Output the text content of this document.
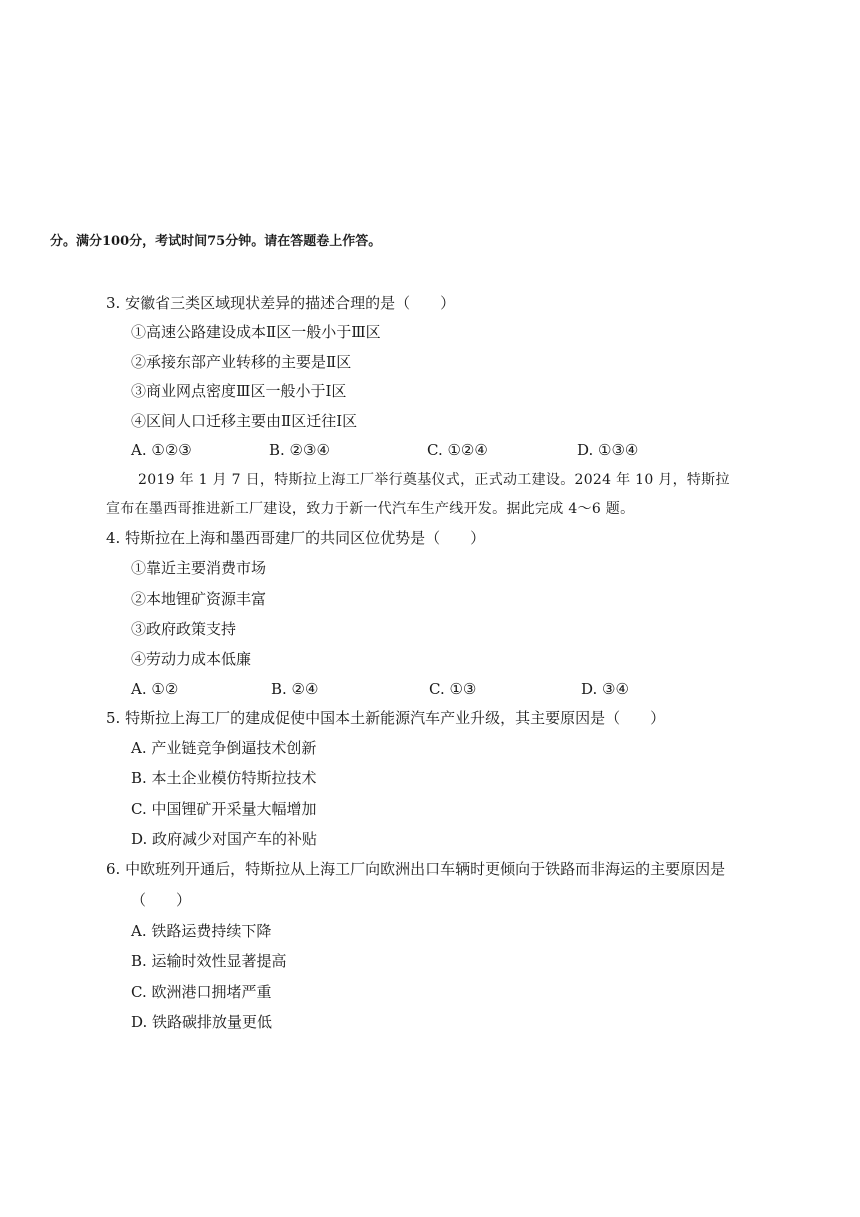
分。满分100分，考试时间75分钟。请在答题卷上作答。
3. 安徽省三类区域现状差异的描述合理的是（　　）
①高速公路建设成本Ⅱ区一般小于Ⅲ区
②承接东部产业转移的主要是Ⅱ区
③商业网点密度Ⅲ区一般小于Ⅰ区
④区间人口迁移主要由Ⅱ区迁往Ⅰ区
A. ①②③	B. ②③④	C. ①②④	D. ①③④
2019 年 1 月 7 日，特斯拉上海工厂举行奠基仪式，正式动工建设。2024 年 10 月，特斯拉
宣布在墨西哥推进新工厂建设，致力于新一代汽车生产线开发。据此完成 4～6 题。
4. 特斯拉在上海和墨西哥建厂的共同区位优势是（　　）
①靠近主要消费市场
②本地锂矿资源丰富
③政府政策支持
④劳动力成本低廉
A. ①②	B. ②④	C. ①③	D. ③④
5. 特斯拉上海工厂的建成促使中国本土新能源汽车产业升级，其主要原因是（　　）
A. 产业链竞争倒逼技术创新
B. 本土企业模仿特斯拉技术
C. 中国锂矿开采量大幅增加
D. 政府减少对国产车的补贴
6. 中欧班列开通后，特斯拉从上海工厂向欧洲出口车辆时更倾向于铁路而非海运的主要原因是
（　　）
A. 铁路运费持续下降
B. 运输时效性显著提高
C. 欧洲港口拥堵严重
D. 铁路碳排放量更低
